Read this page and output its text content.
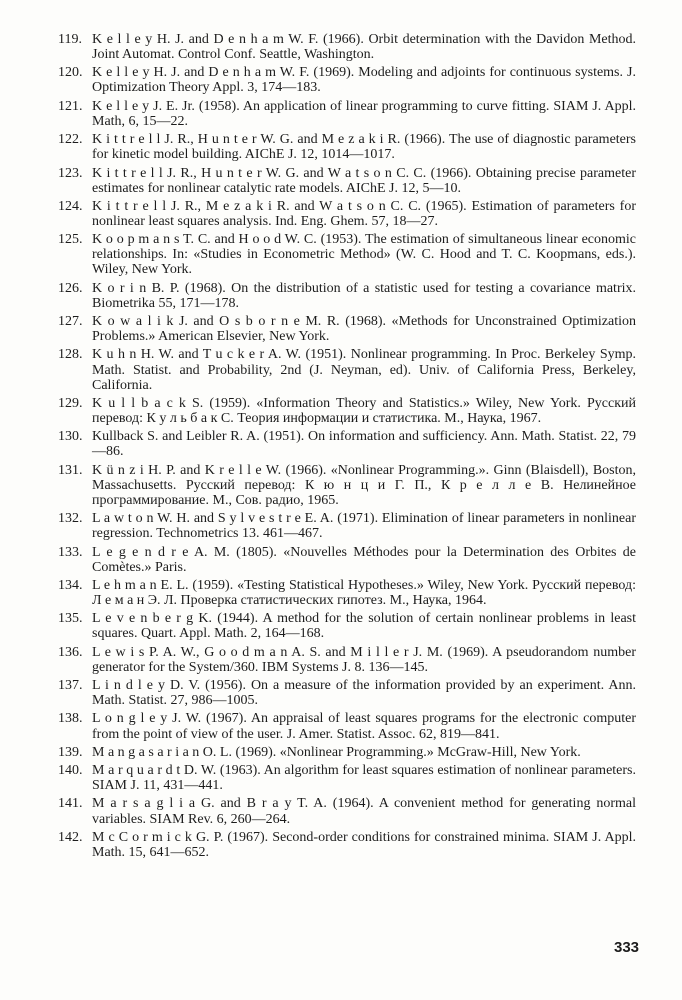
119. K e l l e y H. J. and D e n h a m W. F. (1966). Orbit determination with the Davidon Method. Joint Automat. Control Conf. Seattle, Washington.
120. K e l l e y H. J. and D e n h a m W. F. (1969). Modeling and adjoints for continuous systems. J. Optimization Theory Appl. 3, 174—183.
121. K e l l e y J. E. Jr. (1958). An application of linear programming to curve fitting. SIAM J. Appl. Math, 6, 15—22.
122. K i t t r e l l J. R., H u n t e r W. G. and M e z a k i R. (1966). The use of diagnostic parameters for kinetic model building. AIChE J. 12, 1014—1017.
123. K i t t r e l l J. R., H u n t e r W. G. and W a t s o n C. C. (1966). Obtaining precise parameter estimates for nonlinear catalytic rate models. AIChE J. 12, 5—10.
124. K i t t r e l l J. R., M e z a k i R. and W a t s o n C. C. (1965). Estimation of parameters for nonlinear least squares analysis. Ind. Eng. Ghem. 57, 18—27.
125. K o o p m a n s T. C. and H o o d W. C. (1953). The estimation of simultaneous linear economic relationships. In: «Studies in Econometric Method» (W. C. Hood and T. C. Koopmans, eds.). Wiley, New York.
126. K o r i n B. P. (1968). On the distribution of a statistic used for testing a covariance matrix. Biometrika 55, 171—178.
127. K o w a l i k J. and O s b o r n e M. R. (1968). «Methods for Unconstrained Optimization Problems.» American Elsevier, New York.
128. K u h n H. W. and T u c k e r A. W. (1951). Nonlinear programming. In Proc. Berkeley Symp. Math. Statist. and Probability, 2nd (J. Neyman, ed). Univ. of California Press, Berkeley, California.
129. K u l l b a c k S. (1959). «Information Theory and Statistics.» Wiley, New York. Русский перевод: К у л ь б а к С. Теория информации и статистика. М., Наука, 1967.
130. Kullback S. and Leibler R. A. (1951). On information and sufficiency. Ann. Math. Statist. 22, 79—86.
131. K ü n z i H. P. and K r e l l e W. (1966). «Nonlinear Programming.». Ginn (Blaisdell), Boston, Massachusetts. Русский перевод: К ю н ц и Г. П., К р е л л е В. Нелинейное программирование. М., Сов. радио, 1965.
132. L a w t o n W. H. and S y l v e s t r e E. A. (1971). Elimination of linear parameters in nonlinear regression. Technometrics 13. 461—467.
133. L e g e n d r e A. M. (1805). «Nouvelles Méthodes pour la Determination des Orbites de Comètes.» Paris.
134. L e h m a n E. L. (1959). «Testing Statistical Hypotheses.» Wiley, New York. Русский перевод: Л е м а н Э. Л. Проверка статистических гипотез. М., Наука, 1964.
135. L e v e n b e r g K. (1944). A method for the solution of certain nonlinear problems in least squares. Quart. Appl. Math. 2, 164—168.
136. L e w i s P. A. W., G o o d m a n A. S. and M i l l e r J. M. (1969). A pseudorandom number generator for the System/360. IBM Systems J. 8. 136—145.
137. L i n d l e y D. V. (1956). On a measure of the information provided by an experiment. Ann. Math. Statist. 27, 986—1005.
138. L o n g l e y J. W. (1967). An appraisal of least squares programs for the electronic computer from the point of view of the user. J. Amer. Statist. Assoc. 62, 819—841.
139. M a n g a s a r i a n O. L. (1969). «Nonlinear Programming.» McGraw-Hill, New York.
140. M a r q u a r d t D. W. (1963). An algorithm for least squares estimation of nonlinear parameters. SIAM J. 11, 431—441.
141. M a r s a g l i a G. and B r a y T. A. (1964). A convenient method for generating normal variables. SIAM Rev. 6, 260—264.
142. M c C o r m i c k G. P. (1967). Second-order conditions for constrained minima. SIAM J. Appl. Math. 15, 641—652.
333
